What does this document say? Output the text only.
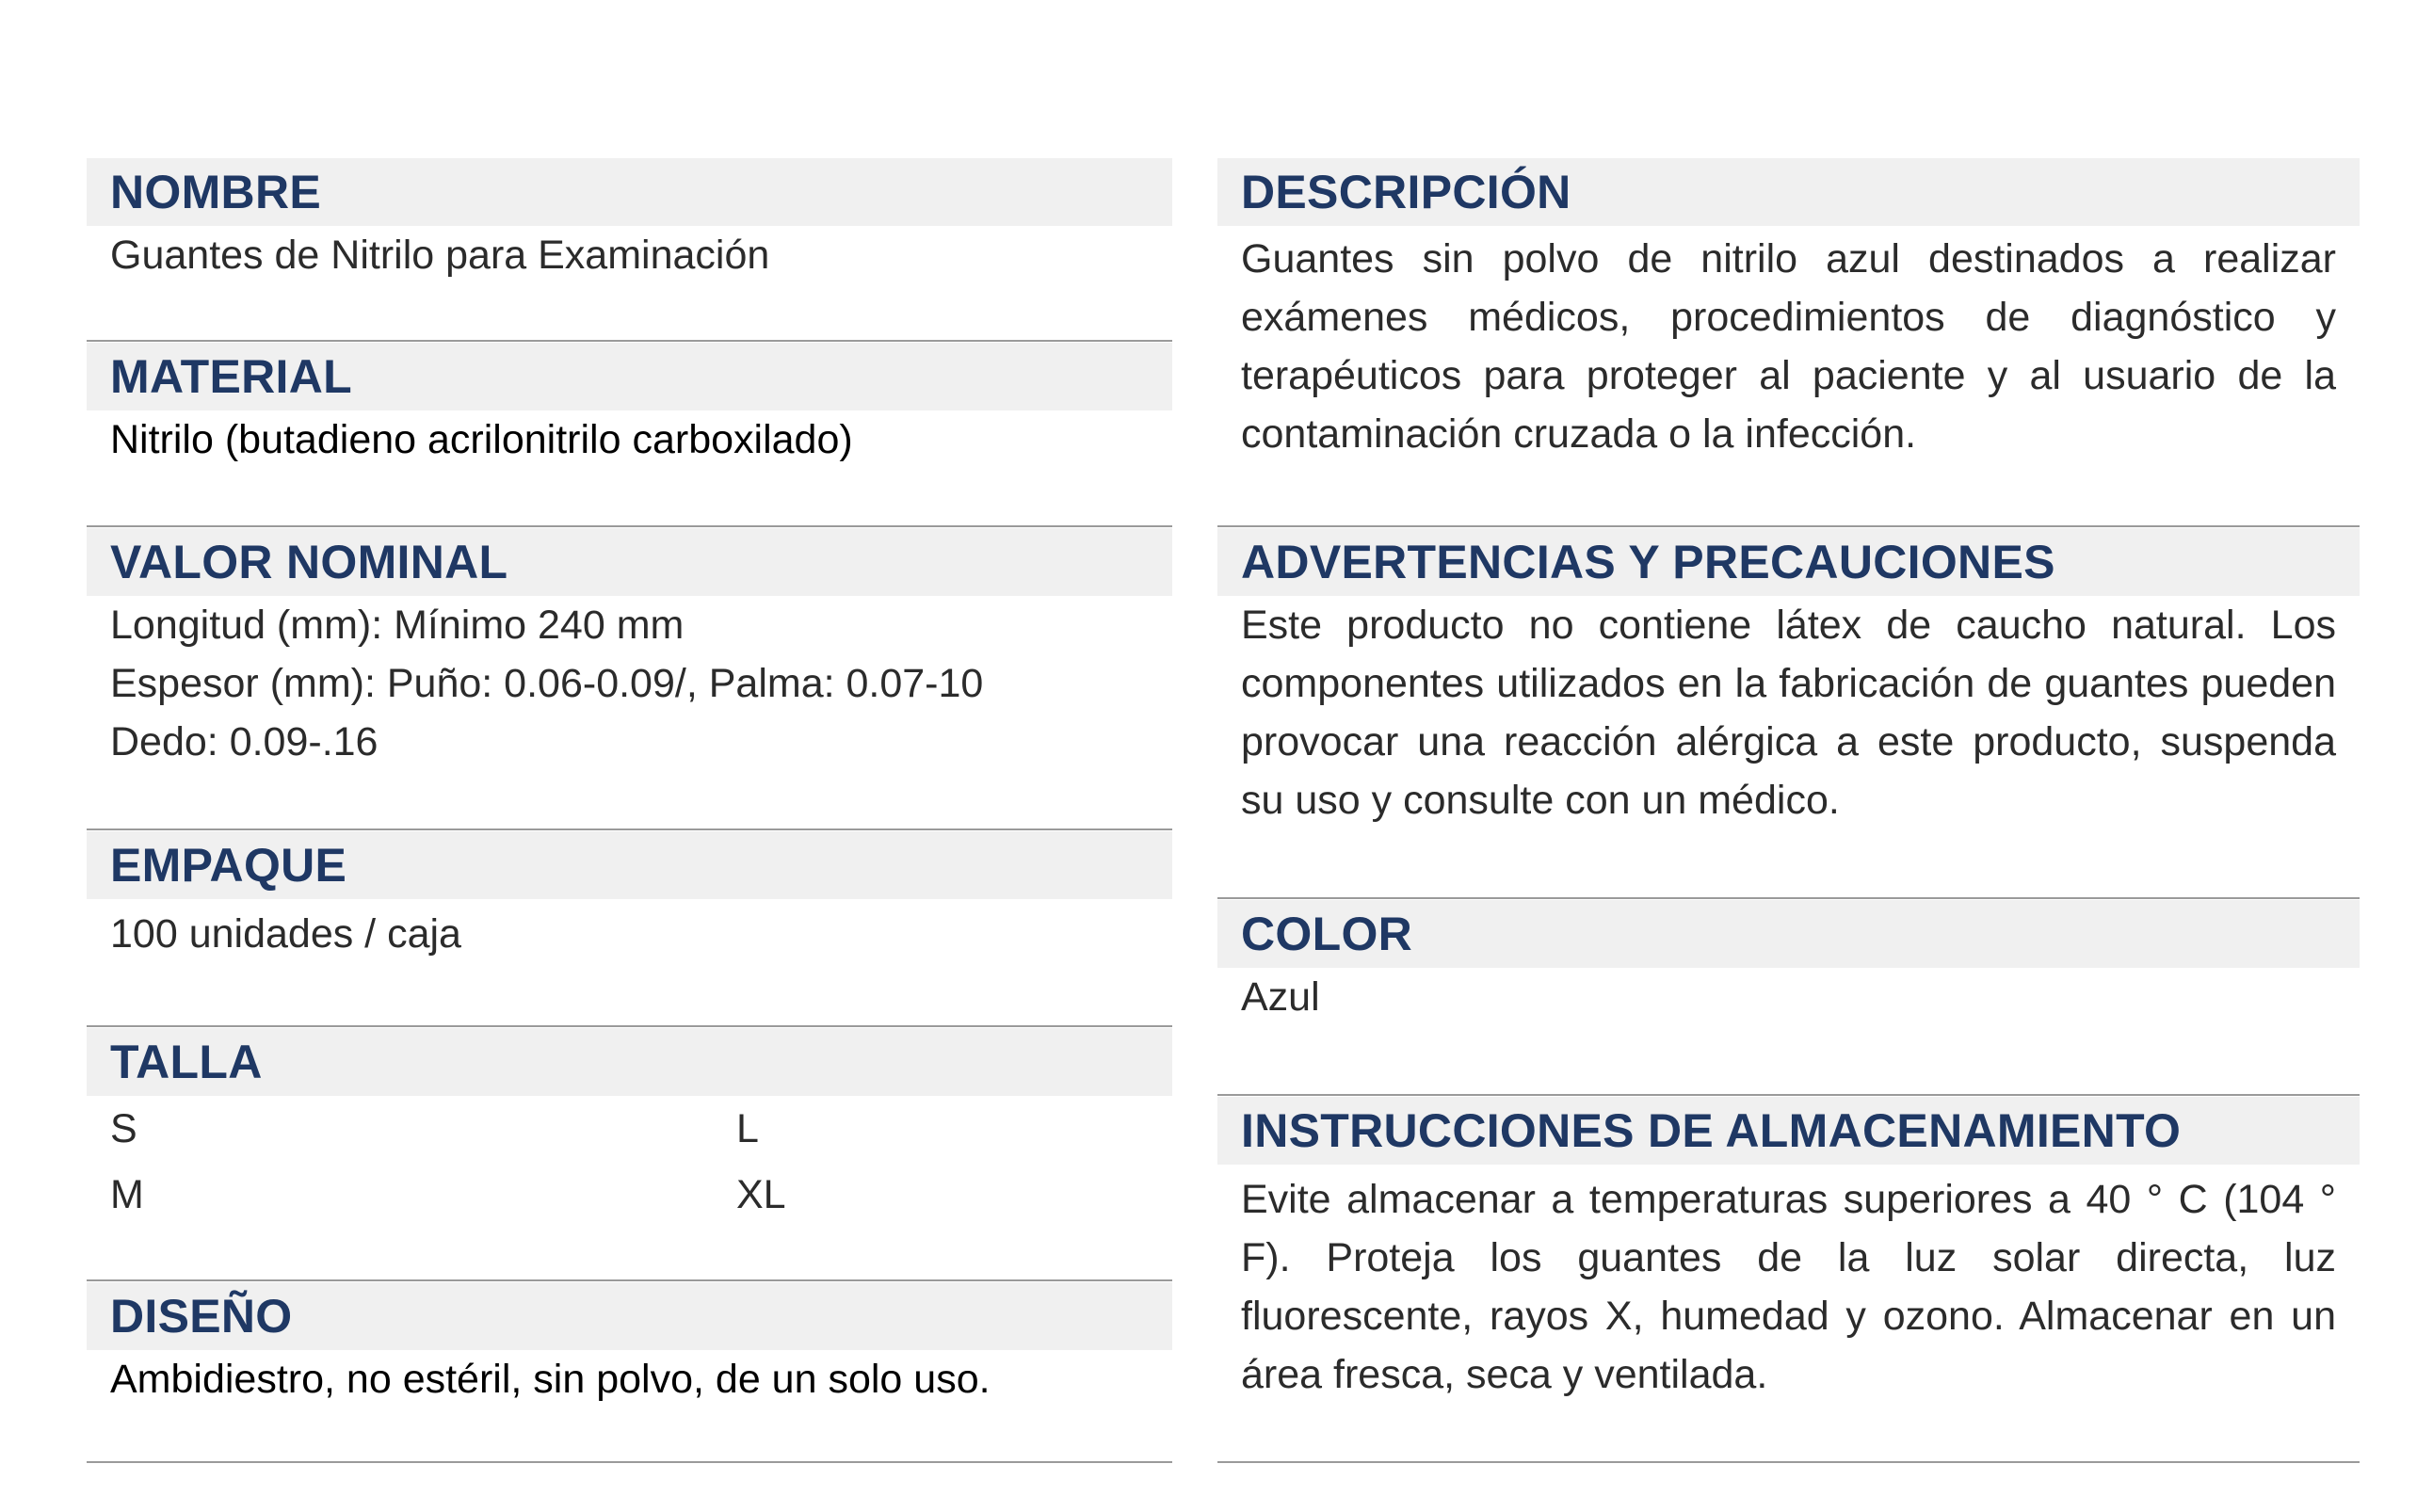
NOMBRE
Guantes de Nitrilo para Examinación
MATERIAL
Nitrilo (butadieno acrilonitrilo carboxilado)
VALOR NOMINAL
Longitud (mm): Mínimo 240 mm
Espesor (mm): Puño: 0.06-0.09/, Palma: 0.07-10
Dedo: 0.09-.16
EMPAQUE
100 unidades / caja
TALLA
S	L
M	XL
DISEÑO
Ambidiestro, no estéril, sin polvo, de un solo uso.
DESCRIPCIÓN
Guantes sin polvo de nitrilo azul destinados a realizar exámenes médicos, procedimientos de diagnóstico y terapéuticos para proteger al paciente y al usuario de la contaminación cruzada o la infección.
ADVERTENCIAS Y PRECAUCIONES
Este producto no contiene látex de caucho natural. Los componentes utilizados en la fabricación de guantes pueden provocar una reacción alérgica a este producto, suspenda su uso y consulte con un médico.
COLOR
Azul
INSTRUCCIONES DE ALMACENAMIENTO
Evite almacenar a temperaturas superiores a 40 ° C (104 ° F). Proteja los guantes de la luz solar directa, luz fluorescente, rayos X, humedad y ozono. Almacenar en un área fresca, seca y ventilada.
